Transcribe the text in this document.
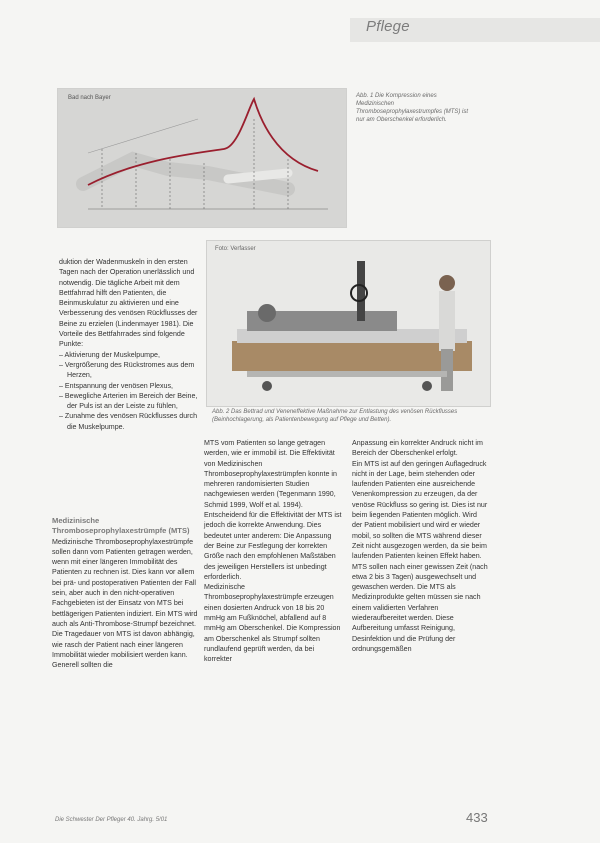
Pflege
Bad nach Bayer	Abb. 1 Die Kompression eines Medizinischen Thromboseprophylaxestrumpfes (MTS) ist nur am Oberschenkel erforderlich.
Foto: Verfasser
Abb. 2 Das Bettrad und Veneneffektive Maßnahme zur Entlastung des venösen Rückflusses (Beinhochlagerung, als Patientenbewegung auf Pflege und Betten).

duktion der Wadenmuskeln in den ersten Tagen nach der Operation unerlässlich und notwendig. Die tägliche Arbeit mit dem Bettfahrrad hilft den Patienten, die Beinmuskulatur zu aktivieren und eine Verbesserung des venösen Rückflusses der Beine zu erzielen (Lindenmayer 1981). Die Vorteile des Bettfahrrades sind folgende Punkte:

– Aktivierung der Muskelpumpe,
– Vergrößerung des Rückstromes aus dem Herzen,
– Entspannung der venösen Plexus,
– Bewegliche Arterien im Bereich der Beine, der Puls ist an der Leiste zu fühlen,
– Zunahme des venösen Rückflusses durch die Muskelpumpe.

Medizinische Thromboseprophylaxestrümpfe (MTS)

Medizinische Thromboseprophylaxestrümpfe sollen dann vom Patienten getragen werden, wenn mit einer längeren Immobilität des Patienten zu rechnen ist. Dies kann vor allem bei prä- und postoperativen Patienten der Fall sein, aber auch in den nicht-operativen Fachgebieten ist der Einsatz von MTS bei bettlägerigen Patienten indiziert. Ein MTS wird auch als Anti-Thrombose-Strumpf bezeichnet. Die Tragedauer von MTS ist davon abhängig, wie rasch der Patient nach einer längeren Immobilität wieder mobilisiert werden kann. Generell sollten die

MTS vom Patienten so lange getragen werden, wie er immobil ist. Die Effektivität von Medizinischen Thromboseprophylaxestrümpfen konnte in mehreren randomisierten Studien nachgewiesen werden (Tegenmann 1990, Schmid 1999, Wolf et al. 1994). Entscheidend für die Effektivität der MTS ist jedoch die korrekte Anwendung. Dies bedeutet unter anderem: Die Anpassung der Beine zur Festlegung der korrekten Größe nach den empfohlenen Maßstäben des jeweiligen Herstellers ist unbedingt erforderlich.

Medizinische Thromboseprophylaxestrümpfe erzeugen einen dosierten Andruck von 18 bis 20 mmHg am Fußknöchel, abfallend auf 8 mmHg am Oberschenkel. Die Kompression am Oberschenkel als Strumpf sollten rundlaufend geprüft werden, da bei korrekter

Anpassung ein korrekter Andruck nicht im Bereich der Oberschenkel erfolgt.

Ein MTS ist auf den geringen Auflagedruck nicht in der Lage, beim stehenden oder laufenden Patienten eine ausreichende Venenkompression zu erzeugen, da der venöse Rückfluss so gering ist. Dies ist nur beim liegenden Patienten möglich. Wird der Patient mobilisiert und wird er wieder mobil, so sollten die MTS während dieser Zeit nicht ausgezogen werden, da sie beim laufenden Patienten keinen Effekt haben.

MTS sollen nach einer gewissen Zeit (nach etwa 2 bis 3 Tagen) ausgewechselt und gewaschen werden. Die MTS als Medizinprodukte gelten müssen sie nach einem validierten Verfahren wiederaufbereitet werden. Diese Aufbereitung umfasst Reinigung, Desinfektion und die Prüfung der ordnungsgemäßen

Die Schwester Der Pfleger 40. Jahrg. 5/01	433
